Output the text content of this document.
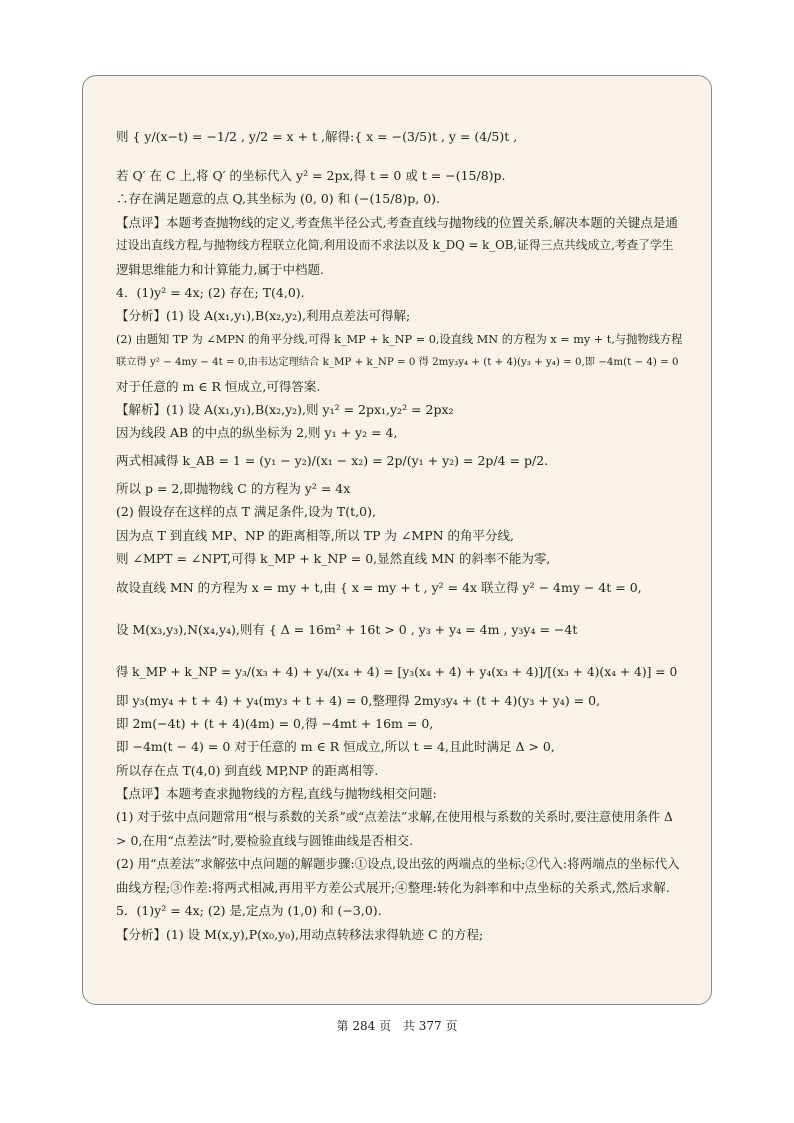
则 { y/(x−t) = −1/2 , y/2 = x + t ,解得:{ x = −(3/5)t , y = (4/5)t ,
若 Q′ 在 C 上,将 Q′ 的坐标代入 y² = 2px,得 t = 0 或 t = −(15/8)p.
∴存在满足题意的点 Q,其坐标为 (0, 0) 和 (−(15/8)p, 0).
【点评】本题考查抛物线的定义,考查焦半径公式,考查直线与抛物线的位置关系,解决本题的关键点是通
过设出直线方程,与抛物线方程联立化简,利用设而不求法以及 k_DQ = k_OB,证得三点共线成立,考查了学生
逻辑思维能力和计算能力,属于中档题.
4．(1)y² = 4x; (2) 存在; T(4,0).
【分析】(1) 设 A(x₁,y₁),B(x₂,y₂),利用点差法可得解;
(2) 由题知 TP 为 ∠MPN 的角平分线,可得 k_MP + k_NP = 0,设直线 MN 的方程为 x = my + t,与抛物线方程
联立得 y² − 4my − 4t = 0,由韦达定理结合 k_MP + k_NP = 0 得 2my₃y₄ + (t + 4)(y₃ + y₄) = 0,即 −4m(t − 4) = 0
对于任意的 m ∈ R 恒成立,可得答案.
【解析】(1) 设 A(x₁,y₁),B(x₂,y₂),则 y₁² = 2px₁,y₂² = 2px₂
因为线段 AB 的中点的纵坐标为 2,则 y₁ + y₂ = 4,
两式相减得 k_AB = 1 = (y₁ − y₂)/(x₁ − x₂) = 2p/(y₁ + y₂) = 2p/4 = p/2.
所以 p = 2,即抛物线 C 的方程为 y² = 4x
(2) 假设存在这样的点 T 满足条件,设为 T(t,0),
因为点 T 到直线 MP、NP 的距离相等,所以 TP 为 ∠MPN 的角平分线,
则 ∠MPT = ∠NPT,可得 k_MP + k_NP = 0,显然直线 MN 的斜率不能为零,
故设直线 MN 的方程为 x = my + t,由 { x = my + t , y² = 4x 联立得 y² − 4my − 4t = 0,
设 M(x₃,y₃),N(x₄,y₄),则有 { Δ = 16m² + 16t > 0 , y₃ + y₄ = 4m , y₃y₄ = −4t
得 k_MP + k_NP = y₃/(x₃ + 4) + y₄/(x₄ + 4) = [y₃(x₄ + 4) + y₄(x₃ + 4)]/[(x₃ + 4)(x₄ + 4)] = 0
即 y₃(my₄ + t + 4) + y₄(my₃ + t + 4) = 0,整理得 2my₃y₄ + (t + 4)(y₃ + y₄) = 0,
即 2m(−4t) + (t + 4)(4m) = 0,得 −4mt + 16m = 0,
即 −4m(t − 4) = 0 对于任意的 m ∈ R 恒成立,所以 t = 4,且此时满足 Δ > 0,
所以存在点 T(4,0) 到直线 MP,NP 的距离相等.
【点评】本题考查求抛物线的方程,直线与抛物线相交问题:
(1) 对于弦中点问题常用“根与系数的关系”或“点差法”求解,在使用根与系数的关系时,要注意使用条件 Δ
> 0,在用“点差法”时,要检验直线与圆锥曲线是否相交.
(2) 用“点差法”求解弦中点问题的解题步骤:①设点,设出弦的两端点的坐标;②代入:将两端点的坐标代入
曲线方程;③作差:将两式相减,再用平方差公式展开;④整理:转化为斜率和中点坐标的关系式,然后求解.
5．(1)y² = 4x; (2) 是,定点为 (1,0) 和 (−3,0).
【分析】(1) 设 M(x,y),P(x₀,y₀),用动点转移法求得轨迹 C 的方程;
第 284 页 共 377 页
